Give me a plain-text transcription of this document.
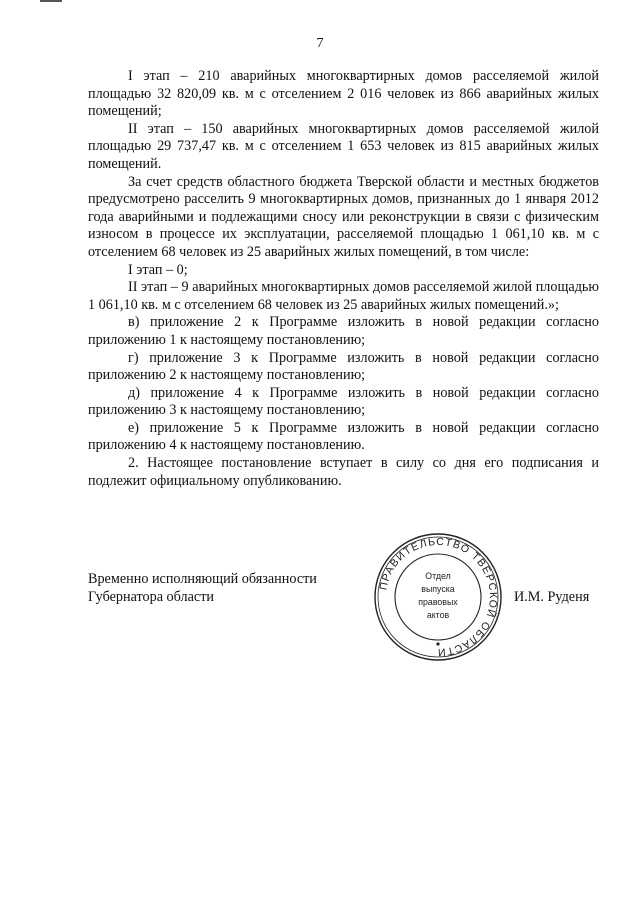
7

I этап – 210 аварийных многоквартирных домов расселяемой жилой площадью 32 820,09 кв. м с отселением 2 016 человек из 866 аварийных жилых помещений;

II этап – 150 аварийных многоквартирных домов расселяемой жилой площадью 29 737,47 кв. м с отселением 1 653 человек из 815 аварийных жилых помещений.

За счет средств областного бюджета Тверской области и местных бюджетов предусмотрено расселить 9 многоквартирных домов, признанных до 1 января 2012 года аварийными и подлежащими сносу или реконструкции в связи с физическим износом в процессе их эксплуатации, расселяемой площадью 1 061,10 кв. м с отселением 68 человек из 25 аварийных жилых помещений, в том числе:

I этап – 0;

II этап – 9 аварийных многоквартирных домов расселяемой жилой площадью 1 061,10 кв. м с отселением 68 человек из 25 аварийных жилых помещений.»;

в) приложение 2 к Программе изложить в новой редакции согласно приложению 1 к настоящему постановлению;

г) приложение 3 к Программе изложить в новой редакции согласно приложению 2 к настоящему постановлению;

д) приложение 4 к Программе изложить в новой редакции согласно приложению 3 к настоящему постановлению;

е) приложение 5 к Программе изложить в новой редакции согласно приложению 4 к настоящему постановлению.

2. Настоящее постановление вступает в силу со дня его подписания и подлежит официальному опубликованию.

Временно исполняющий обязанности
Губернатора области
ПРАВИТЕЛЬСТВО ТВЕРСКОЙ ОБЛАСТИ
Отдел
выпуска
правовых
актов
И.М. Руденя
